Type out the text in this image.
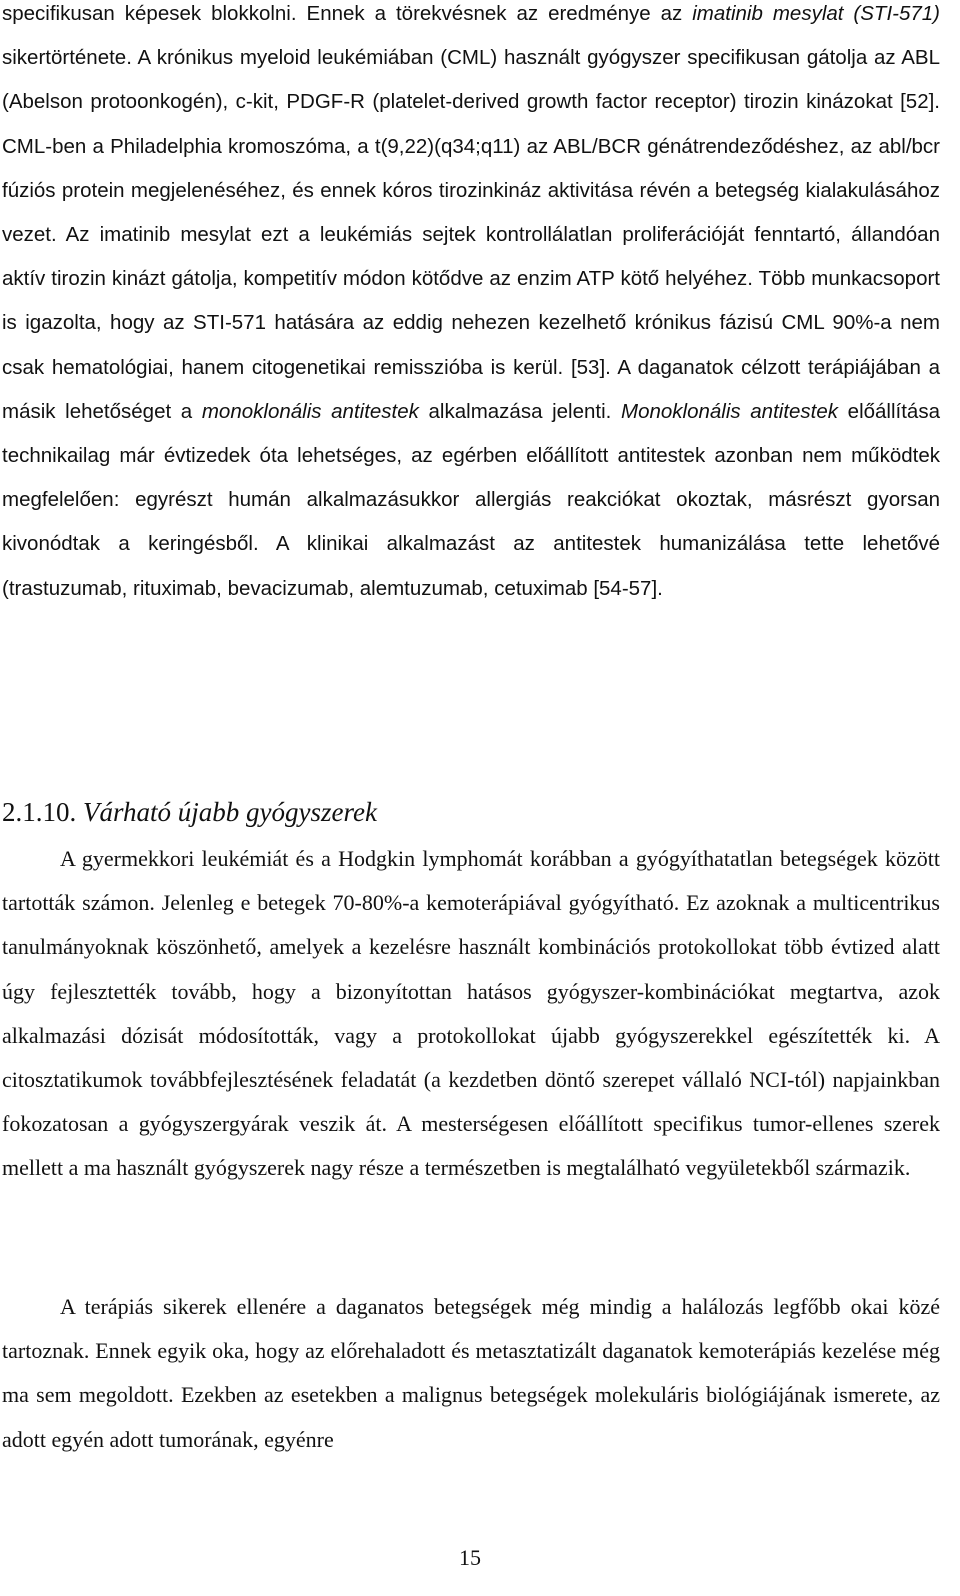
specifikusan képesek blokkolni. Ennek a törekvésnek az eredménye az imatinib mesylat (STI-571) sikertörténete. A krónikus myeloid leukémiában (CML) használt gyógyszer specifikusan gátolja az ABL (Abelson protoonkogén), c-kit, PDGF-R (platelet-derived growth factor receptor) tirozin kinázokat [52]. CML-ben a Philadelphia kromoszóma, a t(9,22)(q34;q11) az ABL/BCR génátrendeződéshez, az abl/bcr fúziós protein megjelenéséhez, és ennek kóros tirozinkináz aktivitása révén a betegség kialakulásához vezet. Az imatinib mesylat ezt a leukémiás sejtek kontrollálatlan proliferációját fenntartó, állandóan aktív tirozin kinázt gátolja, kompetitív módon kötődve az enzim ATP kötő helyéhez. Több munkacsoport is igazolta, hogy az STI-571 hatására az eddig nehezen kezelhető krónikus fázisú CML 90%-a nem csak hematológiai, hanem citogenetikai remisszióba is kerül. [53]. A daganatok célzott terápiájában a másik lehetőséget a monoklonális antitestek alkalmazása jelenti. Monoklonális antitestek előállítása technikailag már évtizedek óta lehetséges, az egérben előállított antitestek azonban nem működtek megfelelően: egyrészt humán alkalmazásukkor allergiás reakciókat okoztak, másrészt gyorsan kivonódtak a keringésből. A klinikai alkalmazást az antitestek humanizálása tette lehetővé (trastuzumab, rituximab, bevacizumab, alemtuzumab, cetuximab [54-57].

2.1.10. Várható újabb gyógyszerek

A gyermekkori leukémiát és a Hodgkin lymphomát korábban a gyógyíthatatlan betegségek között tartották számon. Jelenleg e betegek 70-80%-a kemoterápiával gyógyítható. Ez azoknak a multicentrikus tanulmányoknak köszönhető, amelyek a kezelésre használt kombinációs protokollokat több évtized alatt úgy fejlesztették tovább, hogy a bizonyítottan hatásos gyógyszer-kombinációkat megtartva, azok alkalmazási dózisát módosították, vagy a protokollokat újabb gyógyszerekkel egészítették ki. A citosztatikumok továbbfejlesztésének feladatát (a kezdetben döntő szerepet vállaló NCI-tól) napjainkban fokozatosan a gyógyszergyárak veszik át. A mesterségesen előállított specifikus tumor-ellenes szerek mellett a ma használt gyógyszerek nagy része a természetben is megtalálható vegyületekből származik.

A terápiás sikerek ellenére a daganatos betegségek még mindig a halálozás legfőbb okai közé tartoznak. Ennek egyik oka, hogy az előrehaladott és metasztatizált daganatok kemoterápiás kezelése még ma sem megoldott. Ezekben az esetekben a malignus betegségek molekuláris biológiájának ismerete, az adott egyén adott tumorának, egyénre

15
